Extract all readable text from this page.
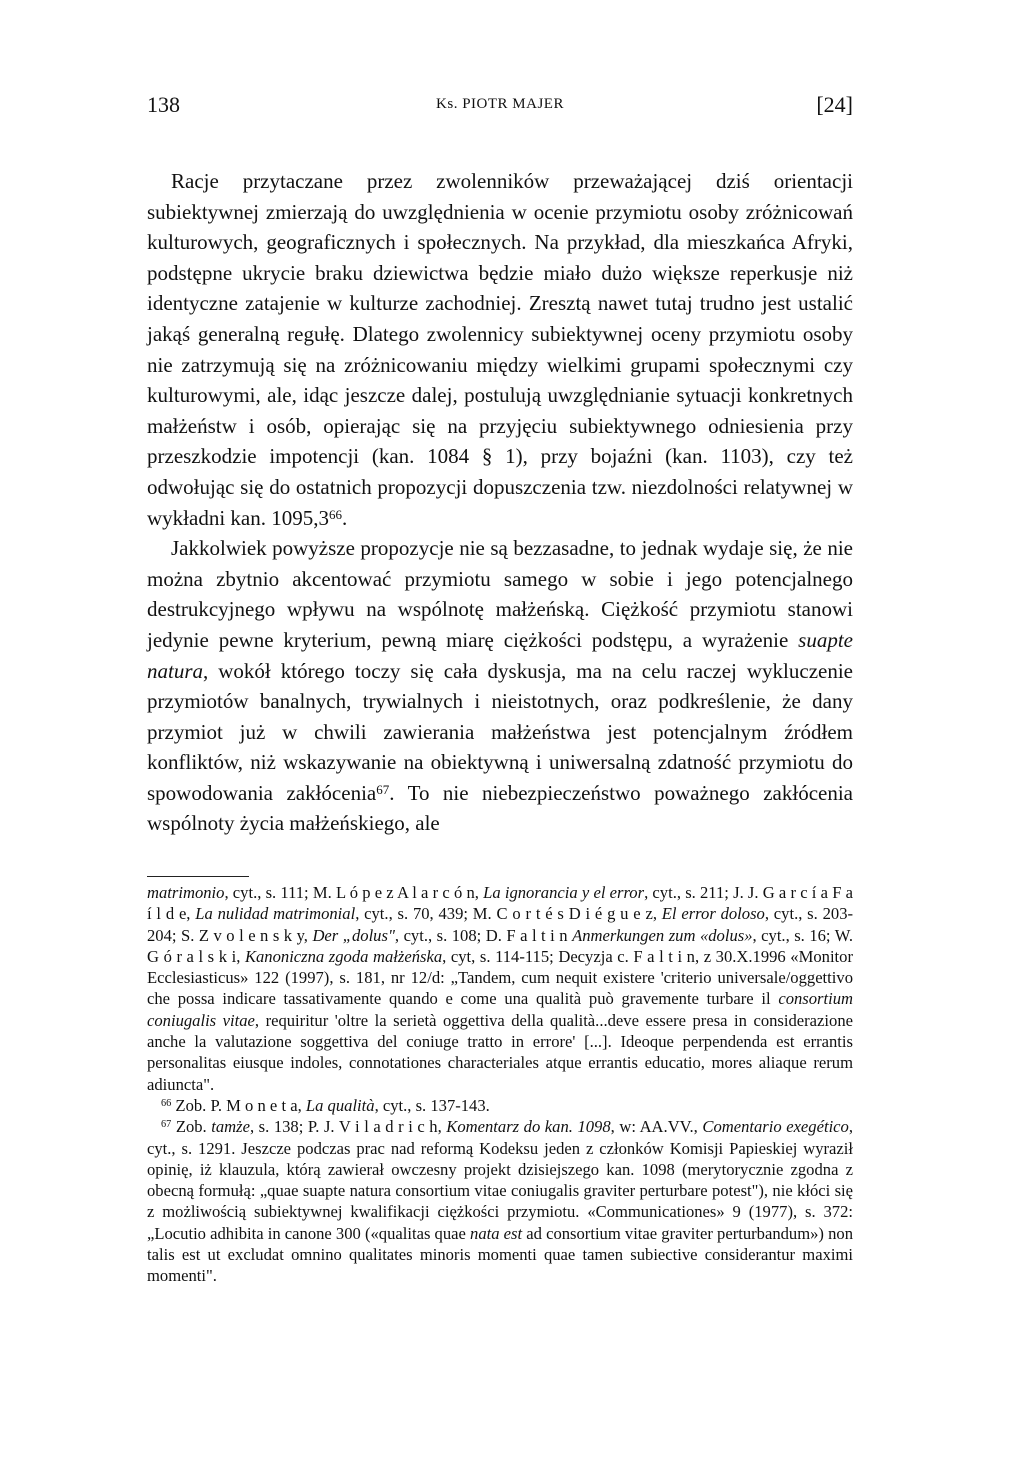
138	Ks. PIOTR MAJER	[24]

Racje przytaczane przez zwolenników przeważającej dziś orientacji subiektywnej zmierzają do uwzględnienia w ocenie przymiotu osoby zróżnicowań kulturowych, geograficznych i społecznych. Na przykład, dla mieszkańca Afryki, podstępne ukrycie braku dziewictwa będzie miało dużo większe reperkusje niż identyczne zatajenie w kulturze zachodniej. Zresztą nawet tutaj trudno jest ustalić jakąś generalną regułę. Dlatego zwolennicy subiektywnej oceny przymiotu osoby nie zatrzymują się na zróżnicowaniu między wielkimi grupami społecznymi czy kulturowymi, ale, idąc jeszcze dalej, postulują uwzględnianie sytuacji konkretnych małżeństw i osób, opierając się na przyjęciu subiektywnego odniesienia przy przeszkodzie impotencji (kan. 1084 § 1), przy bojaźni (kan. 1103), czy też odwołując się do ostatnich propozycji dopuszczenia tzw. niezdolności relatywnej w wykładni kan. 1095,3$^{66}$.

Jakkolwiek powyższe propozycje nie są bezzasadne, to jednak wydaje się, że nie można zbytnio akcentować przymiotu samego w sobie i jego potencjalnego destrukcyjnego wpływu na wspólnotę małżeńską. Ciężkość przymiotu stanowi jedynie pewne kryterium, pewną miarę ciężkości podstępu, a wyrażenie suapte natura, wokół którego toczy się cała dyskusja, ma na celu raczej wykluczenie przymiotów banalnych, trywialnych i nieistotnych, oraz podkreślenie, że dany przymiot już w chwili zawierania małżeństwa jest potencjalnym źródłem konfliktów, niż wskazywanie na obiektywną i uniwersalną zdatność przymiotu do spowodowania zakłócenia$^{67}$. To nie niebezpieczeństwo poważnego zakłócenia wspólnoty życia małżeńskiego, ale

matrimonio, cyt., s. 111; M. L ó p e z A l a r c ó n, La ignorancia y el error, cyt., s. 211; J. J. G a r c í a F a í l d e, La nulidad matrimonial, cyt., s. 70, 439; M. C o r t é s D i é g u e z, El error doloso, cyt., s. 203-204; S. Z v o l e n s k y, Der „dolus", cyt., s. 108; D. F a l t i n Anmerkungen zum «dolus», cyt., s. 16; W. G ó r a l s k i, Kanoniczna zgoda małżeńska, cyt, s. 114-115; Decyzja c. F a l t i n, z 30.X.1996 «Monitor Ecclesiasticus» 122 (1997), s. 181, nr 12/d: „Tandem, cum nequit existere 'criterio universale/oggettivo che possa indicare tassativamente quando e come una qualità può gravemente turbare il consortium coniugalis vitae, requiritur 'oltre la serietà oggettiva della qualità...deve essere presa in considerazione anche la valutazione soggettiva del coniuge tratto in errore' [...]. Ideoque perpendenda est errantis personalitas eiusque indoles, connotationes characteriales atque errantis educatio, mores aliaque rerum adiuncta".

$^{66}$ Zob. P. M o n e t a, La qualità, cyt., s. 137-143.

$^{67}$ Zob. tamże, s. 138; P. J. V i l a d r i c h, Komentarz do kan. 1098, w: AA.VV., Comentario exegético, cyt., s. 1291. Jeszcze podczas prac nad reformą Kodeksu jeden z członków Komisji Papieskiej wyraził opinię, iż klauzula, którą zawierał owczesny projekt dzisiejszego kan. 1098 (merytorycznie zgodna z obecną formułą: „quae suapte natura consortium vitae coniugalis graviter perturbare potest"), nie kłóci się z możliwością subiektywnej kwalifikacji ciężkości przymiotu. «Communicationes» 9 (1977), s. 372: „Locutio adhibita in canone 300 («qualitas quae nata est ad consortium vitae graviter perturbandum») non talis est ut excludat omnino qualitates minoris momenti quae tamen subiective considerantur maximi momenti".
